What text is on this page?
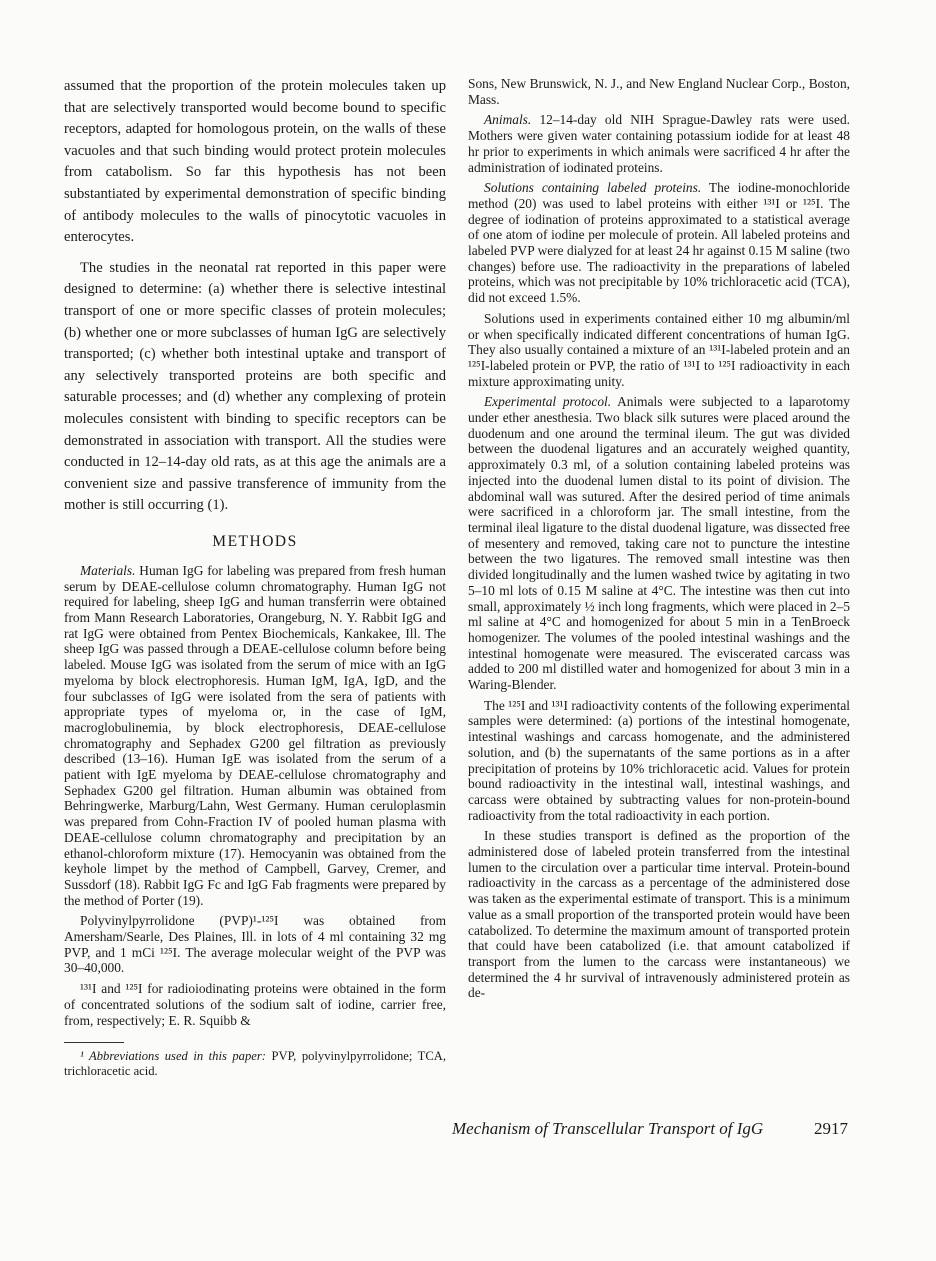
assumed that the proportion of the protein molecules taken up that are selectively transported would become bound to specific receptors, adapted for homologous protein, on the walls of these vacuoles and that such binding would protect protein molecules from catabolism. So far this hypothesis has not been substantiated by experimental demonstration of specific binding of antibody molecules to the walls of pinocytotic vacuoles in enterocytes.

The studies in the neonatal rat reported in this paper were designed to determine: (a) whether there is selective intestinal transport of one or more specific classes of protein molecules; (b) whether one or more subclasses of human IgG are selectively transported; (c) whether both intestinal uptake and transport of any selectively transported proteins are both specific and saturable processes; and (d) whether any complexing of protein molecules consistent with binding to specific receptors can be demonstrated in association with transport. All the studies were conducted in 12–14-day old rats, as at this age the animals are a convenient size and passive transference of immunity from the mother is still occurring (1).

METHODS

Materials. Human IgG for labeling was prepared from fresh human serum by DEAE-cellulose column chromatography. Human IgG not required for labeling, sheep IgG and human transferrin were obtained from Mann Research Laboratories, Orangeburg, N. Y. Rabbit IgG and rat IgG were obtained from Pentex Biochemicals, Kankakee, Ill. The sheep IgG was passed through a DEAE-cellulose column before being labeled. Mouse IgG was isolated from the serum of mice with an IgG myeloma by block electrophoresis. Human IgM, IgA, IgD, and the four subclasses of IgG were isolated from the sera of patients with appropriate types of myeloma or, in the case of IgM, macroglobulinemia, by block electrophoresis, DEAE-cellulose chromatography and Sephadex G200 gel filtration as previously described (13–16). Human IgE was isolated from the serum of a patient with IgE myeloma by DEAE-cellulose chromatography and Sephadex G200 gel filtration. Human albumin was obtained from Behringwerke, Marburg/Lahn, West Germany. Human ceruloplasmin was prepared from Cohn-Fraction IV of pooled human plasma with DEAE-cellulose column chromatography and precipitation by an ethanol-chloroform mixture (17). Hemocyanin was obtained from the keyhole limpet by the method of Campbell, Garvey, Cremer, and Sussdorf (18). Rabbit IgG Fc and IgG Fab fragments were prepared by the method of Porter (19).

Polyvinylpyrrolidone (PVP)¹-¹²⁵I was obtained from Amersham/Searle, Des Plaines, Ill. in lots of 4 ml containing 32 mg PVP, and 1 mCi ¹²⁵I. The average molecular weight of the PVP was 30–40,000.

¹³¹I and ¹²⁵I for radioiodinating proteins were obtained in the form of concentrated solutions of the sodium salt of iodine, carrier free, from, respectively; E. R. Squibb &

¹ Abbreviations used in this paper: PVP, polyvinylpyrrolidone; TCA, trichloracetic acid.

Sons, New Brunswick, N. J., and New England Nuclear Corp., Boston, Mass.

Animals. 12–14-day old NIH Sprague-Dawley rats were used. Mothers were given water containing potassium iodide for at least 48 hr prior to experiments in which animals were sacrificed 4 hr after the administration of iodinated proteins.

Solutions containing labeled proteins. The iodine-monochloride method (20) was used to label proteins with either ¹³¹I or ¹²⁵I. The degree of iodination of proteins approximated to a statistical average of one atom of iodine per molecule of protein. All labeled proteins and labeled PVP were dialyzed for at least 24 hr against 0.15 M saline (two changes) before use. The radioactivity in the preparations of labeled proteins, which was not precipitable by 10% trichloracetic acid (TCA), did not exceed 1.5%.

Solutions used in experiments contained either 10 mg albumin/ml or when specifically indicated different concentrations of human IgG. They also usually contained a mixture of an ¹³¹I-labeled protein and an ¹²⁵I-labeled protein or PVP, the ratio of ¹³¹I to ¹²⁵I radioactivity in each mixture approximating unity.

Experimental protocol. Animals were subjected to a laparotomy under ether anesthesia. Two black silk sutures were placed around the duodenum and one around the terminal ileum. The gut was divided between the duodenal ligatures and an accurately weighed quantity, approximately 0.3 ml, of a solution containing labeled proteins was injected into the duodenal lumen distal to its point of division. The abdominal wall was sutured. After the desired period of time animals were sacrificed in a chloroform jar. The small intestine, from the terminal ileal ligature to the distal duodenal ligature, was dissected free of mesentery and removed, taking care not to puncture the intestine between the two ligatures. The removed small intestine was then divided longitudinally and the lumen washed twice by agitating in two 5–10 ml lots of 0.15 M saline at 4°C. The intestine was then cut into small, approximately ½ inch long fragments, which were placed in 2–5 ml saline at 4°C and homogenized for about 5 min in a TenBroeck homogenizer. The volumes of the pooled intestinal washings and the intestinal homogenate were measured. The eviscerated carcass was added to 200 ml distilled water and homogenized for about 3 min in a Waring-Blender.

The ¹²⁵I and ¹³¹I radioactivity contents of the following experimental samples were determined: (a) portions of the intestinal homogenate, intestinal washings and carcass homogenate, and the administered solution, and (b) the supernatants of the same portions as in a after precipitation of proteins by 10% trichloracetic acid. Values for protein bound radioactivity in the intestinal wall, intestinal washings, and carcass were obtained by subtracting values for non-protein-bound radioactivity from the total radioactivity in each portion.

In these studies transport is defined as the proportion of the administered dose of labeled protein transferred from the intestinal lumen to the circulation over a particular time interval. Protein-bound radioactivity in the carcass as a percentage of the administered dose was taken as the experimental estimate of transport. This is a minimum value as a small proportion of the transported protein would have been catabolized. To determine the maximum amount of transported protein that could have been catabolized (i.e. that amount catabolized if transport from the lumen to the carcass were instantaneous) we determined the 4 hr survival of intravenously administered protein as de-

Mechanism of Transcellular Transport of IgG	2917
